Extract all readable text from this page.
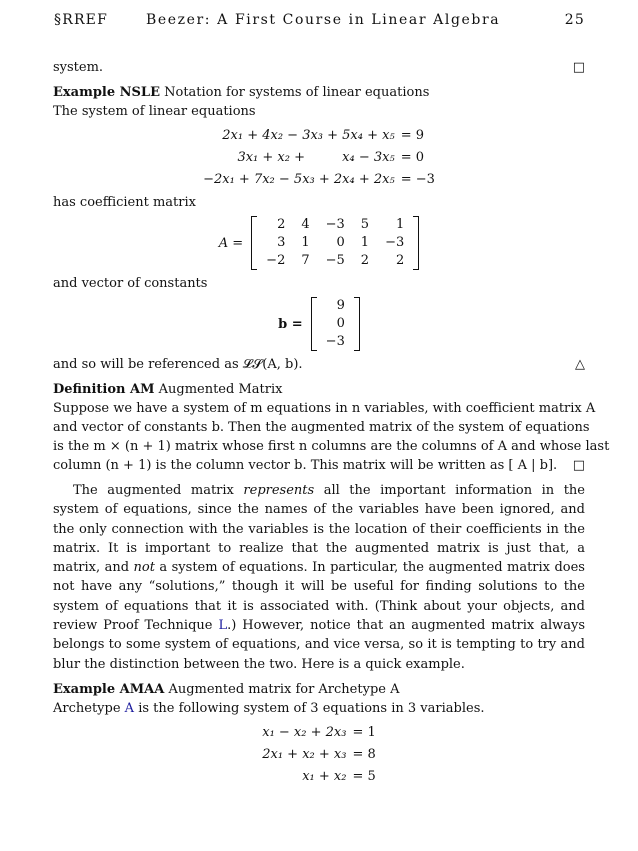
§RREF	Beezer: A First Course in Linear Algebra	25
system.	□
Example NSLE Notation for systems of linear equations
The system of linear equations
2x₁ + 4x₂ − 3x₃ + 5x₄ + x₅	= 9
3x₁ + x₂ +         x₄ − 3x₅	= 0
−2x₁ + 7x₂ − 5x₃ + 2x₄ + 2x₅	= −3
has coefficient matrix
A =
2	4	−3	5	1
3	1	0	1	−3
−2	7	−5	2	2
and vector of constants
b =
9
0
−3
and so will be referenced as 𝓛𝓢(A, b).	△
Definition AM Augmented Matrix
Suppose we have a system of m equations in n variables, with coefficient matrix A
and vector of constants b. Then the augmented matrix of the system of equations
is the m × (n + 1) matrix whose first n columns are the columns of A and whose last
column (n + 1) is the column vector b. This matrix will be written as [ A | b]. □
The augmented matrix represents all the important information in the system of equations, since the names of the variables have been ignored, and the only connection with the variables is the location of their coefficients in the matrix. It is important to realize that the augmented matrix is just that, a matrix, and not a system of equations. In particular, the augmented matrix does not have any “solutions,” though it will be useful for finding solutions to the system of equations that it is associated with. (Think about your objects, and review Proof Technique L.) However, notice that an augmented matrix always belongs to some system of equations, and vice versa, so it is tempting to try and blur the distinction between the two. Here is a quick example.
Example AMAA Augmented matrix for Archetype A
Archetype A is the following system of 3 equations in 3 variables.
x₁ − x₂ + 2x₃	= 1
2x₁ + x₂ + x₃	= 8
x₁ + x₂	= 5
